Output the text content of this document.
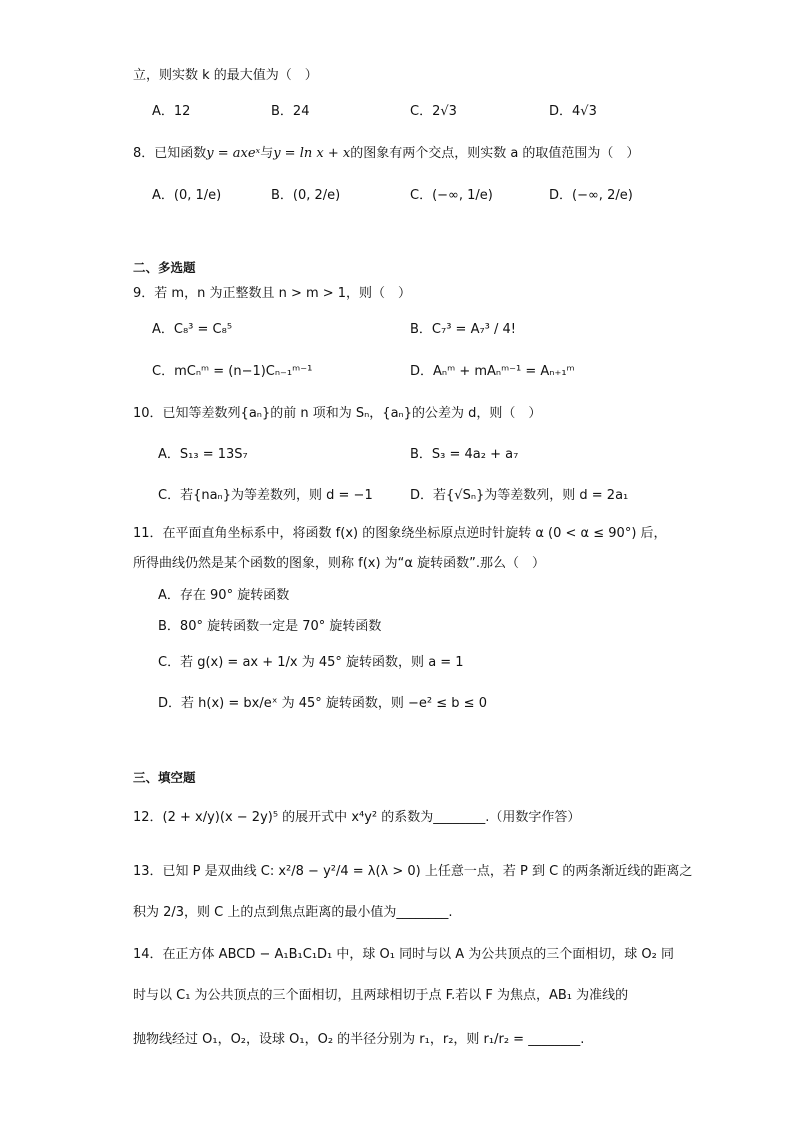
立，则实数 k 的最大值为（　）
A．12	B．24	C．2√3	D．4√3
8．已知函数y = axeˣ与y = ln x + x的图象有两个交点，则实数 a 的取值范围为（　）
A．(0, 1/e)	B．(0, 2/e)	C．(−∞, 1/e)	D．(−∞, 2/e)
二、多选题
9．若 m，n 为正整数且 n > m > 1，则（　）
A．C₈³ = C₈⁵	B．C₇³ = A₇³ / 4!
C．mCₙᵐ = (n−1)Cₙ₋₁ᵐ⁻¹	D．Aₙᵐ + mAₙᵐ⁻¹ = Aₙ₊₁ᵐ
10．已知等差数列{aₙ}的前 n 项和为 Sₙ，{aₙ}的公差为 d，则（　）
A．S₁₃ = 13S₇	B．S₃ = 4a₂ + a₇
C．若{naₙ}为等差数列，则 d = −1	D．若{√Sₙ}为等差数列，则 d = 2a₁
11．在平面直角坐标系中，将函数 f(x) 的图象绕坐标原点逆时针旋转 α (0 < α ≤ 90°) 后，
所得曲线仍然是某个函数的图象，则称 f(x) 为“α 旋转函数”.那么（　）
A．存在 90° 旋转函数
B．80° 旋转函数一定是 70° 旋转函数
C．若 g(x) = ax + 1/x 为 45° 旋转函数，则 a = 1
D．若 h(x) = bx/eˣ 为 45° 旋转函数，则 −e² ≤ b ≤ 0
三、填空题
12．(2 + x/y)(x − 2y)⁵ 的展开式中 x⁴y² 的系数为________.（用数字作答）
13．已知 P 是双曲线 C: x²/8 − y²/4 = λ(λ > 0) 上任意一点，若 P 到 C 的两条渐近线的距离之
积为 2/3，则 C 上的点到焦点距离的最小值为________.
14．在正方体 ABCD − A₁B₁C₁D₁ 中，球 O₁ 同时与以 A 为公共顶点的三个面相切，球 O₂ 同
时与以 C₁ 为公共顶点的三个面相切，且两球相切于点 F.若以 F 为焦点，AB₁ 为准线的
抛物线经过 O₁，O₂，设球 O₁，O₂ 的半径分别为 r₁，r₂，则 r₁/r₂ = ________.
